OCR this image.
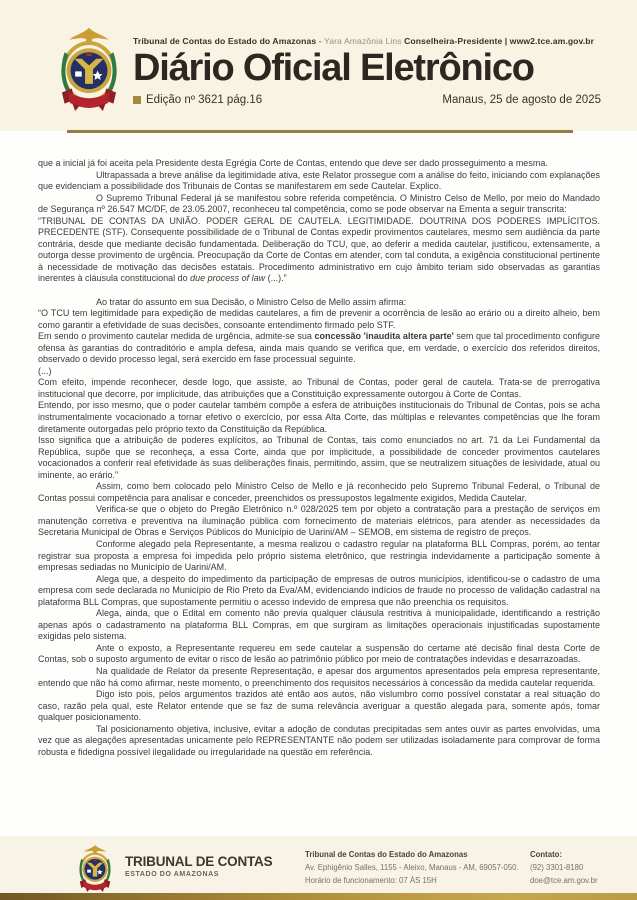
Tribunal de Contas do Estado do Amazonas - Yara Amazônia Lins Conselheira-Presidente | www2.tce.am.gov.br
Diário Oficial Eletrônico
Edição nº 3621 pág.16	Manaus, 25 de agosto de 2025
que a inicial já foi aceita pela Presidente desta Egrégia Corte de Contas, entendo que deve ser dado prosseguimento a mesma.
Ultrapassada a breve análise da legitimidade ativa, este Relator prossegue com a análise do feito, iniciando com explanações que evidenciam a possibilidade dos Tribunais de Contas se manifestarem em sede Cautelar. Explico.
O Supremo Tribunal Federal já se manifestou sobre referida competência. O Ministro Celso de Mello, por meio do Mandado de Segurança nº 26.547 MC/DF, de 23.05.2007, reconheceu tal competência, como se pode observar na Ementa a seguir transcrita:
“TRIBUNAL DE CONTAS DA UNIÃO. PODER GERAL DE CAUTELA. LEGITIMIDADE. DOUTRINA DOS PODERES IMPLÍCITOS. PRECEDENTE (STF). Consequente possibilidade de o Tribunal de Contas expedir provimentos cautelares, mesmo sem audiência da parte contrária, desde que mediante decisão fundamentada. Deliberação do TCU, que, ao deferir a medida cautelar, justificou, extensamente, a outorga desse provimento de urgência. Preocupação da Corte de Contas em atender, com tal conduta, a exigência constitucional pertinente à necessidade de motivação das decisões estatais. Procedimento administrativo em cujo âmbito teriam sido observadas as garantias inerentes à cláusula constitucional do due process of law (...).”
Ao tratar do assunto em sua Decisão, o Ministro Celso de Mello assim afirma:
“O TCU tem legitimidade para expedição de medidas cautelares, a fim de prevenir a ocorrência de lesão ao erário ou a direito alheio, bem como garantir a efetividade de suas decisões, consoante entendimento firmado pelo STF.
Em sendo o provimento cautelar medida de urgência, admite-se sua concessão 'inaudita altera parte' sem que tal procedimento configure ofensa às garantias do contraditório e ampla defesa, ainda mais quando se verifica que, em verdade, o exercício dos referidos direitos, observado o devido processo legal, será exercido em fase processual seguinte.
(...)
Com efeito, impende reconhecer, desde logo, que assiste, ao Tribunal de Contas, poder geral de cautela. Trata-se de prerrogativa institucional que decorre, por implicitude, das atribuições que a Constituição expressamente outorgou à Corte de Contas.
Entendo, por isso mesmo, que o poder cautelar também compõe a esfera de atribuições institucionais do Tribunal de Contas, pois se acha instrumentalmente vocacionado a tornar efetivo o exercício, por essa Alta Corte, das múltiplas e relevantes competências que lhe foram diretamente outorgadas pelo próprio texto da Constituição da República.
Isso significa que a atribuição de poderes explícitos, ao Tribunal de Contas, tais como enunciados no art. 71 da Lei Fundamental da República, supõe que se reconheça, a essa Corte, ainda que por implicitude, a possibilidade de conceder provimentos cautelares vocacionados a conferir real efetividade às suas deliberações finais, permitindo, assim, que se neutralizem situações de lesividade, atual ou iminente, ao erário.”
Assim, como bem colocado pelo Ministro Celso de Mello e já reconhecido pelo Supremo Tribunal Federal, o Tribunal de Contas possui competência para analisar e conceder, preenchidos os pressupostos legalmente exigidos, Medida Cautelar.
Verifica-se que o objeto do Pregão Eletrônico n.º 028/2025 tem por objeto a contratação para a prestação de serviços em manutenção corretiva e preventiva na iluminação pública com fornecimento de materiais elétricos, para atender as necessidades da Secretaria Municipal de Obras e Serviços Públicos do Município de Uarini/AM – SEMOB, em sistema de registro de preços.
Conforme alegado pela Representante, a mesma realizou o cadastro regular na plataforma BLL Compras, porém, ao tentar registrar sua proposta a empresa foi impedida pelo próprio sistema eletrônico, que restringia indevidamente a participação somente à empresas sediadas no Município de Uarini/AM.
Alega que, a despeito do impedimento da participação de empresas de outros municípios, identificou-se o cadastro de uma empresa com sede declarada no Município de Rio Preto da Eva/AM, evidenciando indícios de fraude no processo de validação cadastral na plataforma BLL Compras, que supostamente permitiu o acesso indevido de empresa que não preenchia os requisitos.
Alega, ainda, que o Edital em comento não previa qualquer cláusula restritiva à municipalidade, identificando a restrição apenas após o cadastramento na plataforma BLL Compras, em que surgiram as limitações operacionais injustificadas supostamente exigidas pelo sistema.
Ante o exposto, a Representante requereu em sede cautelar a suspensão do certame até decisão final desta Corte de Contas, sob o suposto argumento de evitar o risco de lesão ao patrimônio público por meio de contratações indevidas e desarrazoadas.
Na qualidade de Relator da presente Representação, e apesar dos argumentos apresentados pela empresa representante, entendo que não há como afirmar, neste momento, o preenchimento dos requisitos necessários à concessão da medida cautelar requerida.
Digo isto pois, pelos argumentos trazidos até então aos autos, não vislumbro como possível constatar a real situação do caso, razão pela qual, este Relator entende que se faz de suma relevância averiguar a questão alegada para, somente após, tomar qualquer posicionamento.
Tal posicionamento objetiva, inclusive, evitar a adoção de condutas precipitadas sem antes ouvir as partes envolvidas, uma vez que as alegações apresentadas unicamente pelo REPRESENTANTE não podem ser utilizadas isoladamente para comprovar de forma robusta e fidedigna possível ilegalidade ou irregularidade na questão em referência.
TRIBUNAL DE CONTAS
ESTADO DO AMAZONAS
Tribunal de Contas do Estado do Amazonas
Av. Ephigênio Salles, 1155 - Aleixo, Manaus - AM, 69057-050.
Horário de funcionamento: 07 ÀS 15H
Contato:
(92) 3301-8180
doe@tce.am.gov.br
